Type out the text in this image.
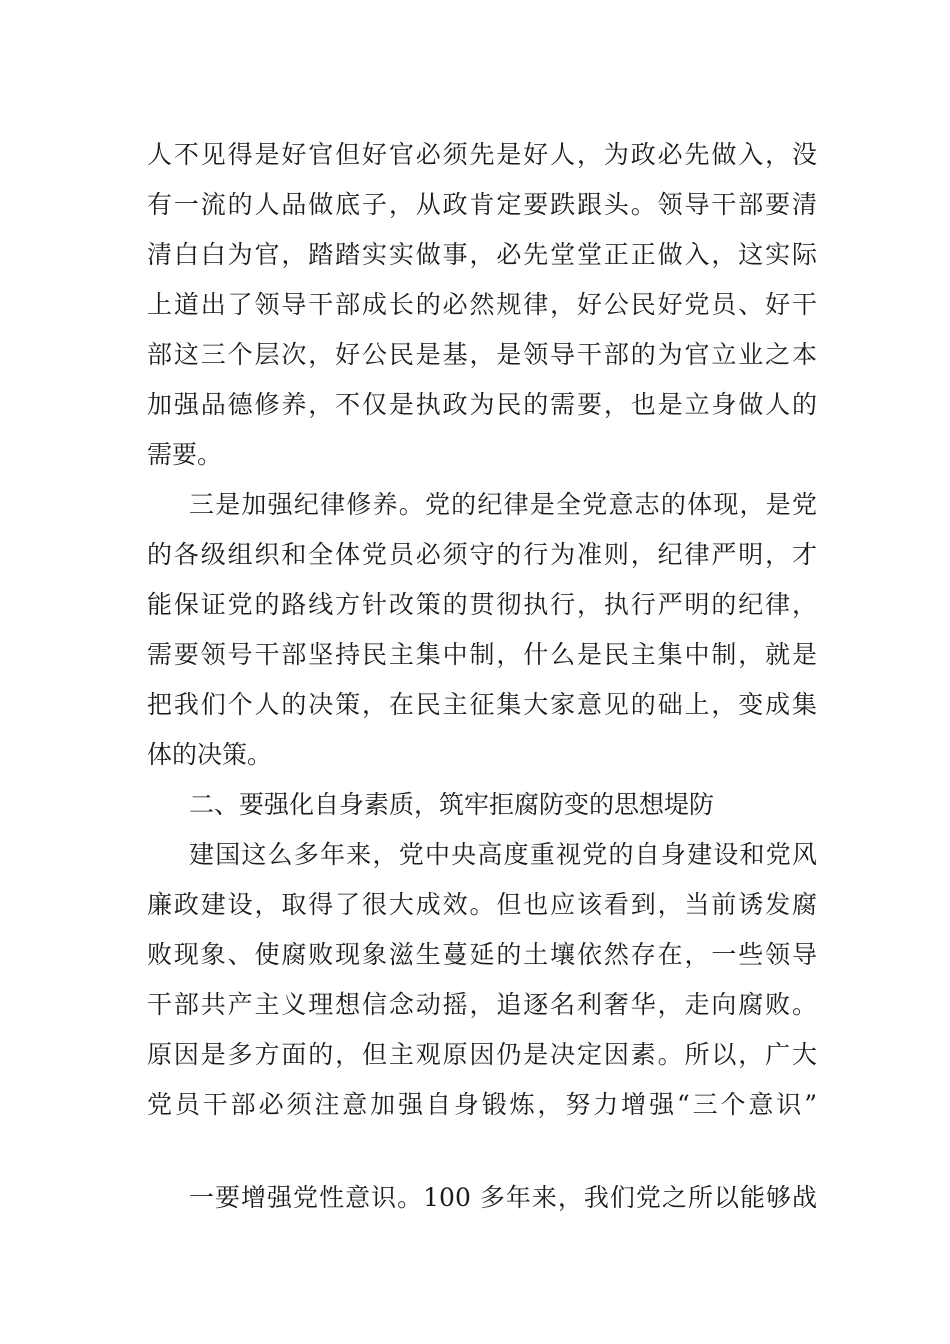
人不见得是好官但好官必须先是好人，为政必先做入，没
有一流的人品做底子，从政肯定要跌跟头。领导干部要清
清白白为官，踏踏实实做事，必先堂堂正正做入，这实际
上道出了领导干部成长的必然规律，好公民好党员、好干
部这三个层次，好公民是基，是领导干部的为官立业之本
加强品德修养，不仅是执政为民的需要，也是立身做人的
需要。
三是加强纪律修养。党的纪律是全党意志的体现，是党
的各级组织和全体党员必须守的行为准则，纪律严明，才
能保证党的路线方针改策的贯彻执行，执行严明的纪律，
需要领号干部坚持民主集中制，什么是民主集中制，就是
把我们个人的决策，在民主征集大家意见的础上，变成集
体的决策。
二、要强化自身素质，筑牢拒腐防变的思想堤防
建国这么多年来，党中央高度重视党的自身建设和党风
廉政建设，取得了很大成效。但也应该看到，当前诱发腐
败现象、使腐败现象滋生蔓延的土壤依然存在，一些领导
干部共产主义理想信念动摇，追逐名利奢华，走向腐败。
原因是多方面的，但主观原因仍是决定因素。所以，广大
党员干部必须注意加强自身锻炼，努力增强“三个意识”
一要增强党性意识。100 多年来，我们党之所以能够战
